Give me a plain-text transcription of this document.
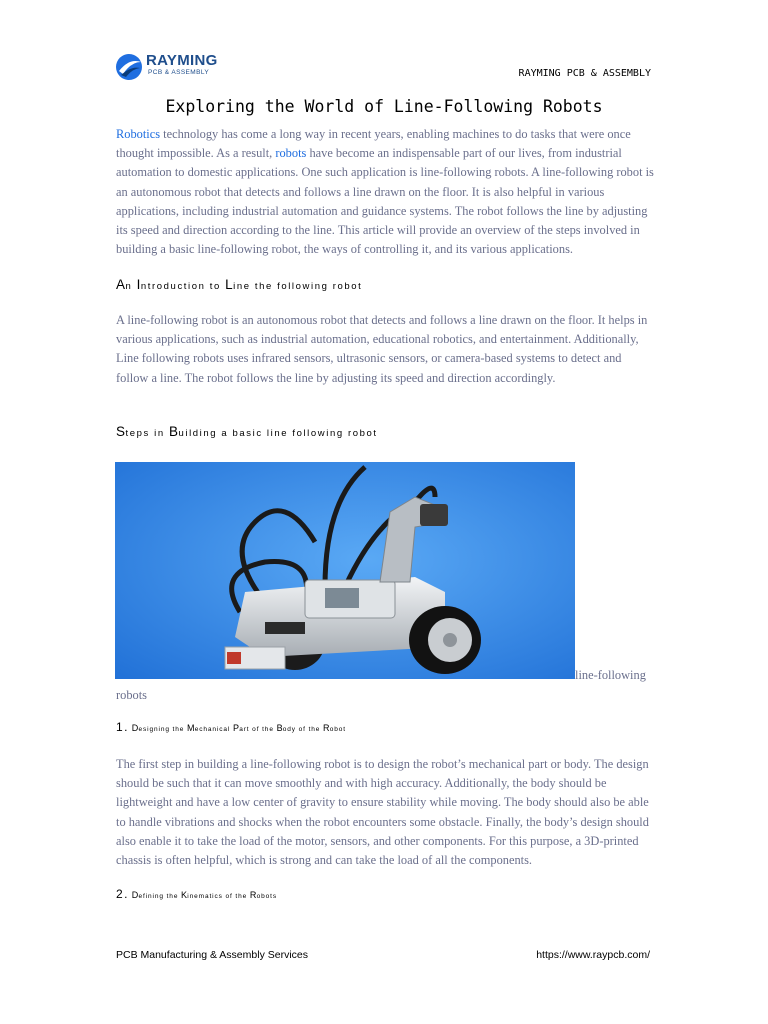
RAYMING
PCB & ASSEMBLY	RAYMING PCB & ASSEMBLY
Exploring the World of Line-Following Robots

Robotics technology has come a long way in recent years, enabling machines to do tasks that were once thought impossible. As a result, robots have become an indispensable part of our lives, from industrial automation to domestic applications. One such application is line-following robots. A line-following robot is an autonomous robot that detects and follows a line drawn on the floor. It is also helpful in various applications, including industrial automation and guidance systems. The robot follows the line by adjusting its speed and direction according to the line. This article will provide an overview of the steps involved in building a basic line-following robot, the ways of controlling it, and its various applications.

An Introduction to Line the following robot

A line-following robot is an autonomous robot that detects and follows a line drawn on the floor. It helps in various applications, such as industrial automation, educational robotics, and entertainment. Additionally, Line following robots uses infrared sensors, ultrasonic sensors, or camera-based systems to detect and follow a line. The robot follows the line by adjusting its speed and direction accordingly.

Steps in Building a basic line following robot
line-following
robots
1. Designing the Mechanical Part of the Body of the Robot

The first step in building a line-following robot is to design the robot’s mechanical part or body. The design should be such that it can move smoothly and with high accuracy. Additionally, the body should be lightweight and have a low center of gravity to ensure stability while moving. The body should also be able to handle vibrations and shocks when the robot encounters some obstacle. Finally, the body’s design should also enable it to take the load of the motor, sensors, and other components. For this purpose, a 3D-printed chassis is often helpful, which is strong and can take the load of all the components.

2. Defining the Kinematics of the Robots
PCB Manufacturing & Assembly Services	https://www.raypcb.com/
